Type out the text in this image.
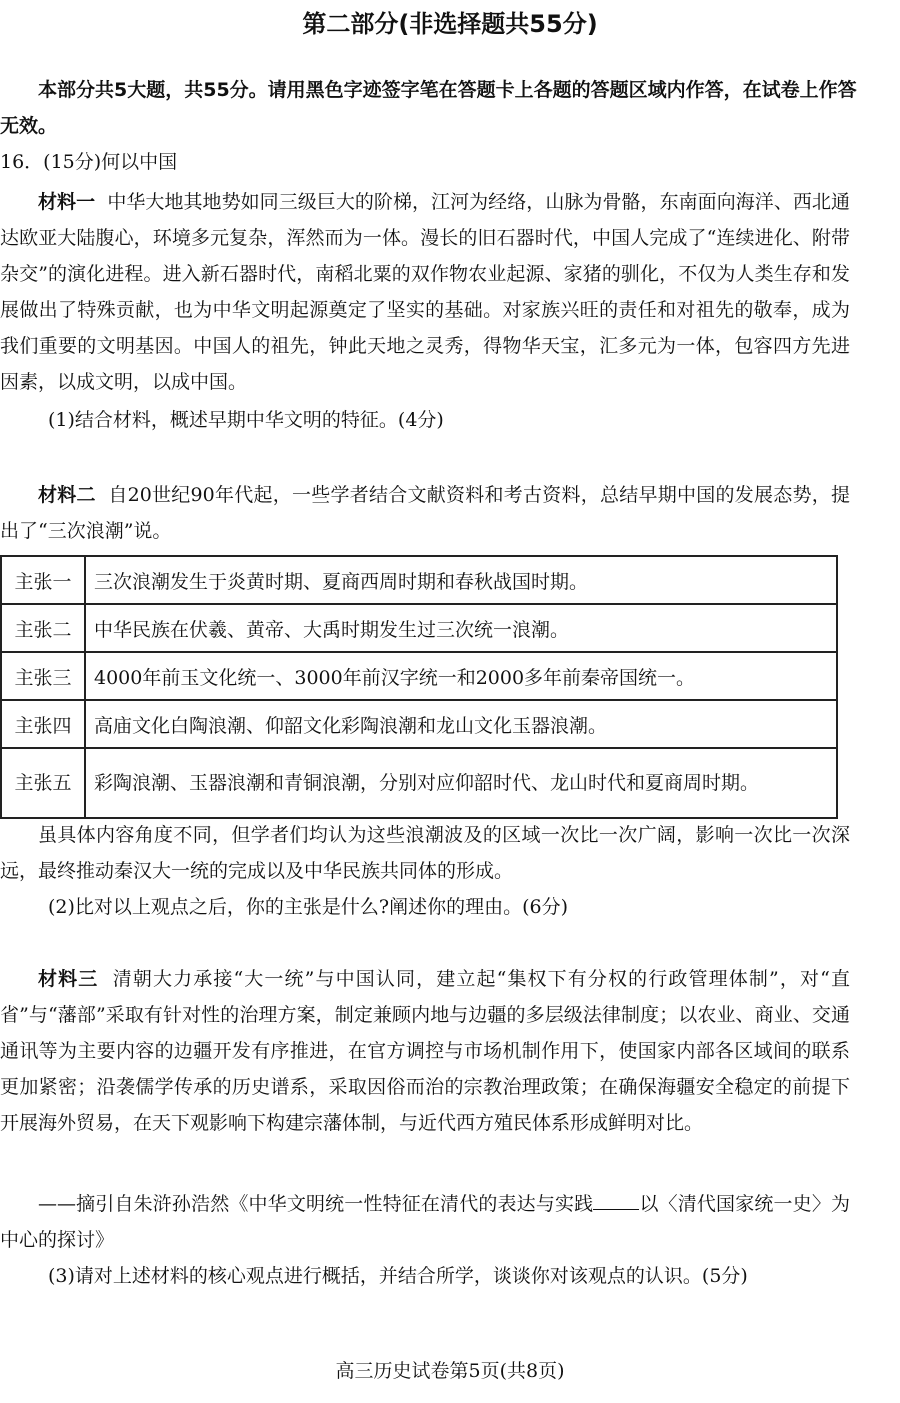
第二部分(非选择题共55分)
本部分共5大题，共55分。请用黑色字迹签字笔在答题卡上各题的答题区域内作答，在试卷上作答无效。
16．(15分)何以中国
材料一 中华大地其地势如同三级巨大的阶梯，江河为经络，山脉为骨骼，东南面向海洋、西北通达欧亚大陆腹心，环境多元复杂，浑然而为一体。漫长的旧石器时代，中国人完成了“连续进化、附带杂交”的演化进程。进入新石器时代，南稻北粟的双作物农业起源、家猪的驯化，不仅为人类生存和发展做出了特殊贡献，也为中华文明起源奠定了坚实的基础。对家族兴旺的责任和对祖先的敬奉，成为我们重要的文明基因。中国人的祖先，钟此天地之灵秀，得物华天宝，汇多元为一体，包容四方先进因素，以成文明，以成中国。
(1)结合材料，概述早期中华文明的特征。(4分)
材料二 自20世纪90年代起，一些学者结合文献资料和考古资料，总结早期中国的发展态势，提出了“三次浪潮”说。
主张一	三次浪潮发生于炎黄时期、夏商西周时期和春秋战国时期。
主张二	中华民族在伏羲、黄帝、大禹时期发生过三次统一浪潮。
主张三	4000年前玉文化统一、3000年前汉字统一和2000多年前秦帝国统一。
主张四	高庙文化白陶浪潮、仰韶文化彩陶浪潮和龙山文化玉器浪潮。
主张五	彩陶浪潮、玉器浪潮和青铜浪潮，分别对应仰韶时代、龙山时代和夏商周时期。
虽具体内容角度不同，但学者们均认为这些浪潮波及的区域一次比一次广阔，影响一次比一次深远，最终推动秦汉大一统的完成以及中华民族共同体的形成。
(2)比对以上观点之后，你的主张是什么?阐述你的理由。(6分)
材料三 清朝大力承接“大一统”与中国认同，建立起“集权下有分权的行政管理体制”，对“直省”与“藩部”采取有针对性的治理方案，制定兼顾内地与边疆的多层级法律制度；以农业、商业、交通通讯等为主要内容的边疆开发有序推进，在官方调控与市场机制作用下，使国家内部各区域间的联系更加紧密；沿袭儒学传承的历史谱系，采取因俗而治的宗教治理政策；在确保海疆安全稳定的前提下开展海外贸易，在天下观影响下构建宗藩体制，与近代西方殖民体系形成鲜明对比。
——摘引自朱浒孙浩然《中华文明统一性特征在清代的表达与实践 以〈清代国家统一史〉为中心的探讨》
(3)请对上述材料的核心观点进行概括，并结合所学，谈谈你对该观点的认识。(5分)
高三历史试卷第5页(共8页)
